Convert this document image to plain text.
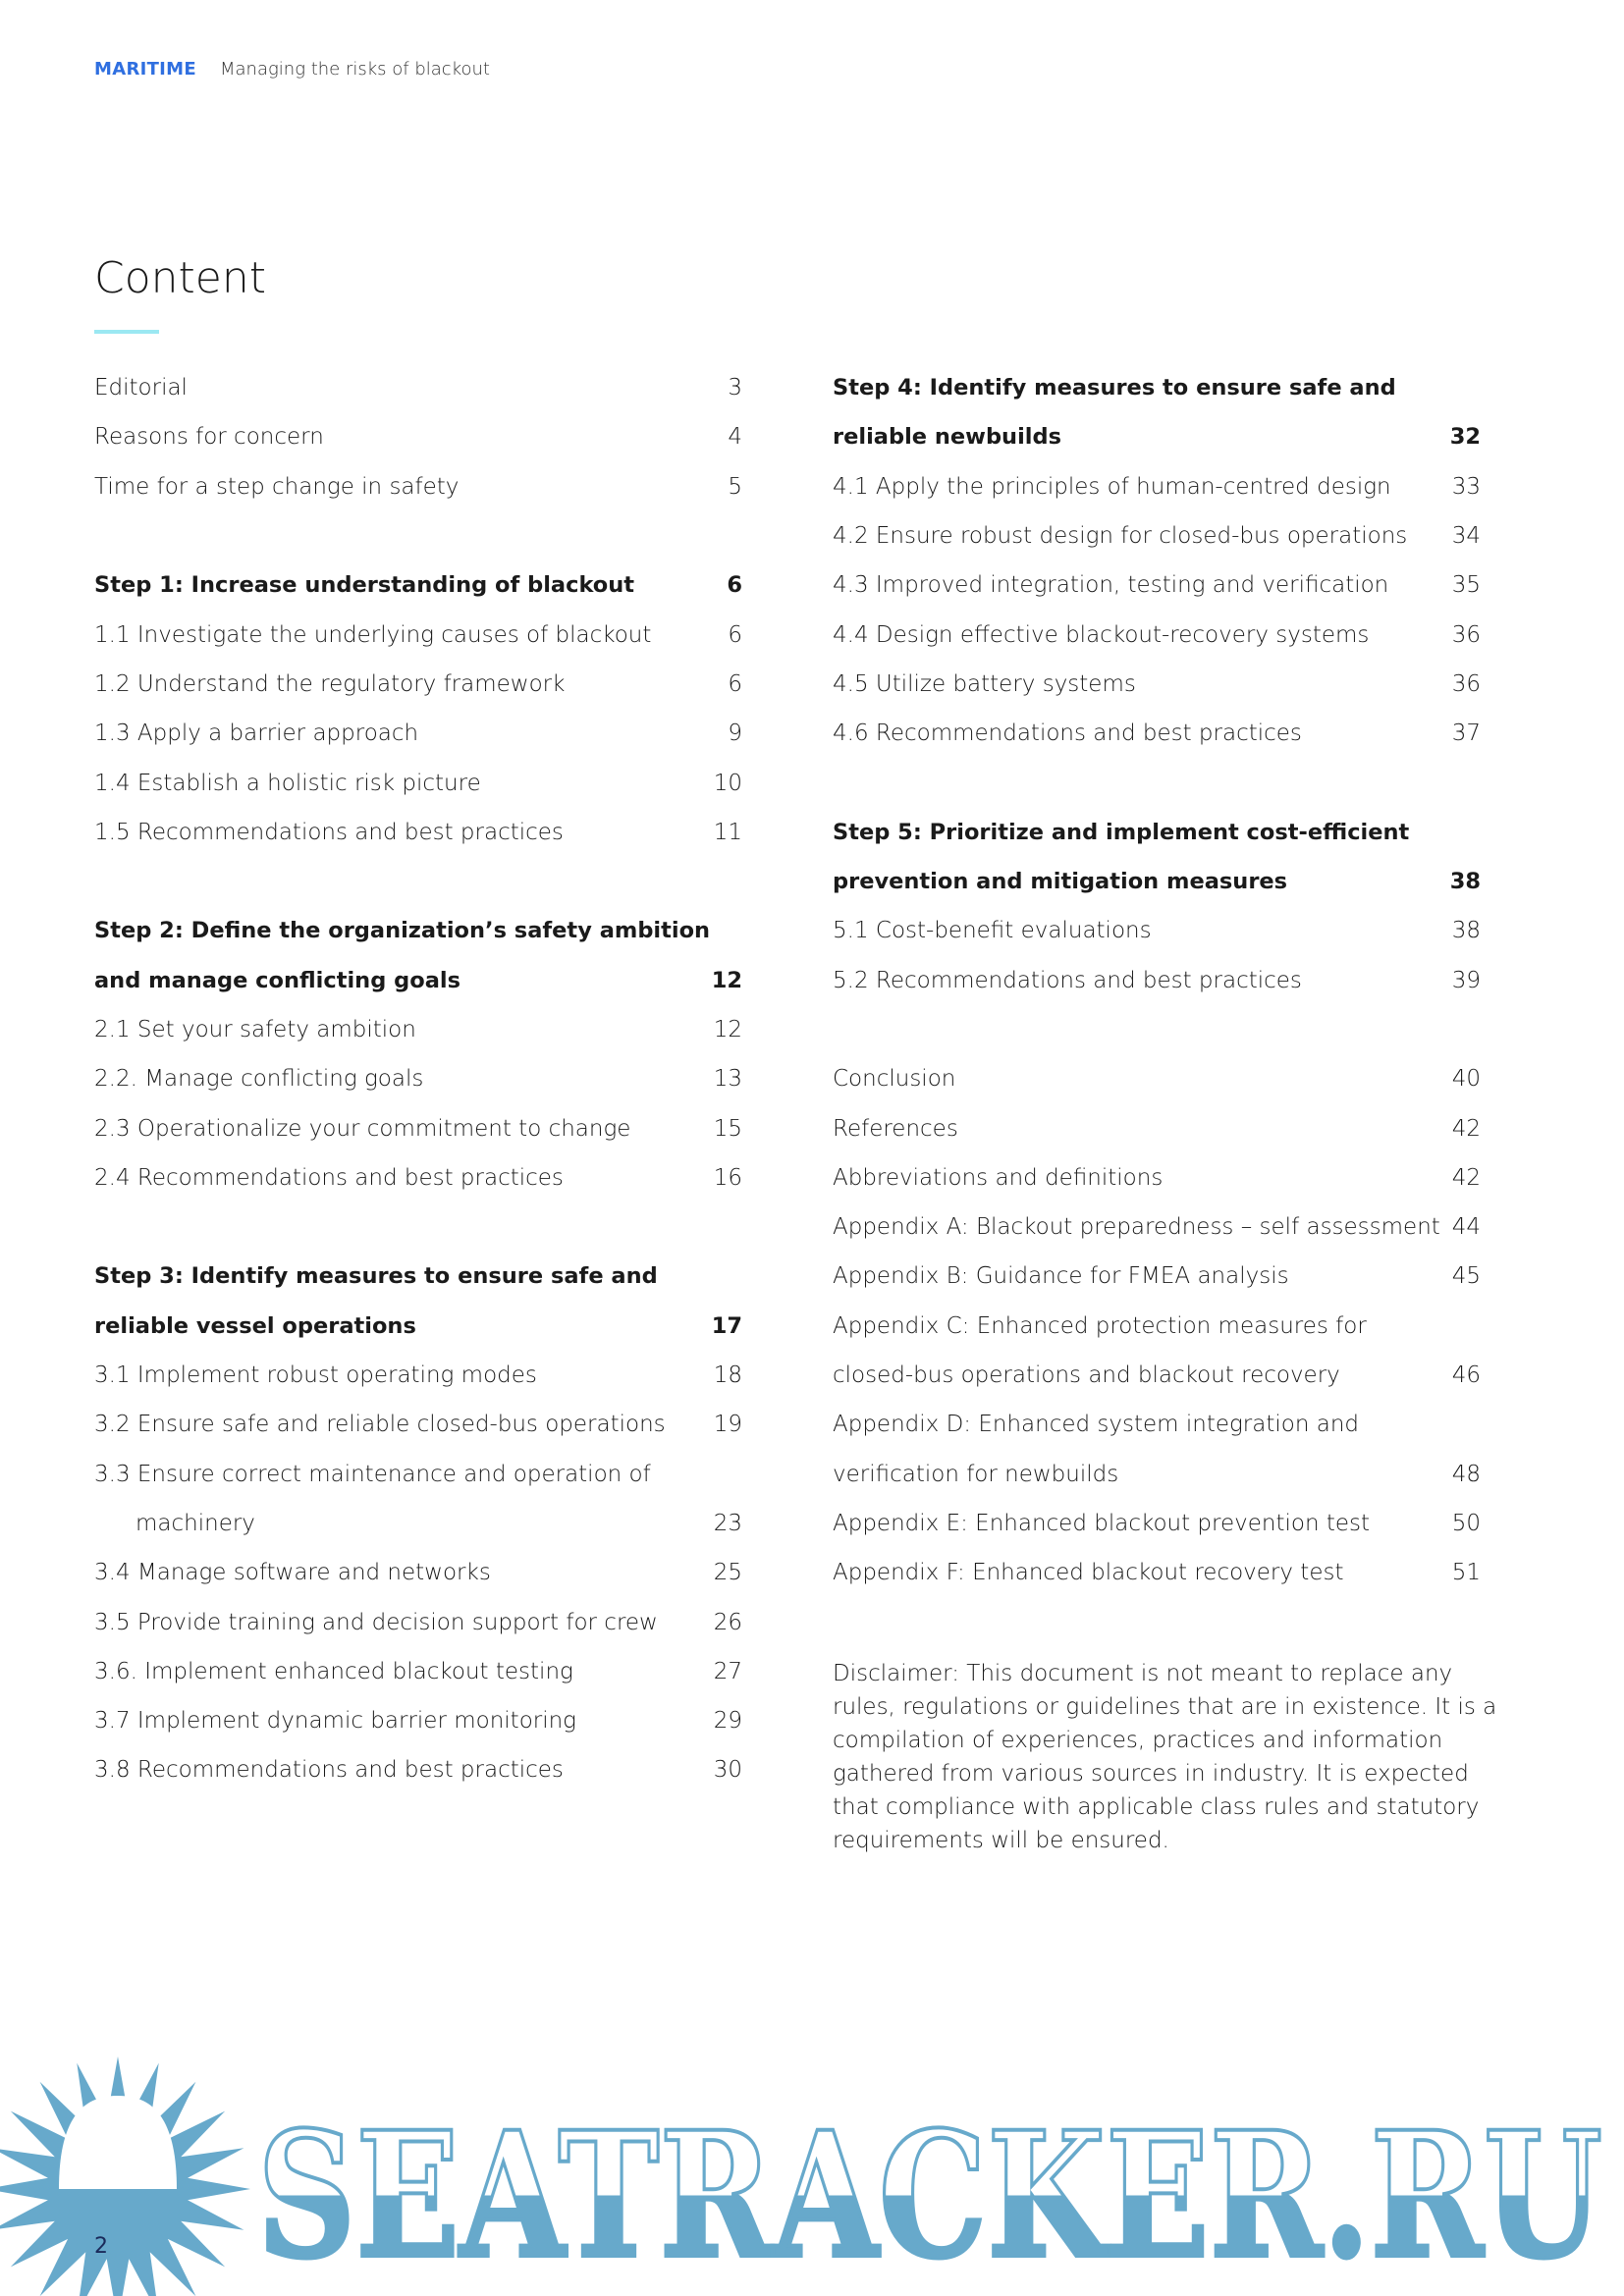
MARITIME Managing the risks of blackout
Content
Editorial	3
Reasons for concern	4
Time for a step change in safety	5
Step 1: Increase understanding of blackout	6
1.1 Investigate the underlying causes of blackout	6
1.2 Understand the regulatory framework	6
1.3 Apply a barrier approach	9
1.4 Establish a holistic risk picture	10
1.5 Recommendations and best practices	11
Step 2: Define the organization’s safety ambition
and manage conflicting goals	12
2.1 Set your safety ambition	12
2.2. Manage conflicting goals	13
2.3 Operationalize your commitment to change	15
2.4 Recommendations and best practices	16
Step 3: Identify measures to ensure safe and
reliable vessel operations	17
3.1 Implement robust operating modes	18
3.2 Ensure safe and reliable closed-bus operations	19
3.3 Ensure correct maintenance and operation of
machinery	23
3.4 Manage software and networks	25
3.5 Provide training and decision support for crew	26
3.6. Implement enhanced blackout testing	27
3.7 Implement dynamic barrier monitoring	29
3.8 Recommendations and best practices	30
Step 4: Identify measures to ensure safe and
reliable newbuilds	32
4.1 Apply the principles of human-centred design	33
4.2 Ensure robust design for closed-bus operations	34
4.3 Improved integration, testing and verification	35
4.4 Design effective blackout-recovery systems	36
4.5 Utilize battery systems	36
4.6 Recommendations and best practices	37
Step 5: Prioritize and implement cost-efficient
prevention and mitigation measures	38
5.1 Cost-benefit evaluations	38
5.2 Recommendations and best practices	39
Conclusion	40
References	42
Abbreviations and definitions	42
Appendix A: Blackout preparedness – self assessment 44
Appendix B: Guidance for FMEA analysis	45
Appendix C: Enhanced protection measures for
closed-bus operations and blackout recovery	46
Appendix D: Enhanced system integration and
verification for newbuilds	48
Appendix E: Enhanced blackout prevention test	50
Appendix F: Enhanced blackout recovery test	51
Disclaimer: This document is not meant to replace any rules, regulations or guidelines that are in existence. It is a compilation of experiences, practices and information gathered from various sources in industry. It is expected that compliance with applicable class rules and statutory requirements will be ensured.
SEATRACKER.RU
2
